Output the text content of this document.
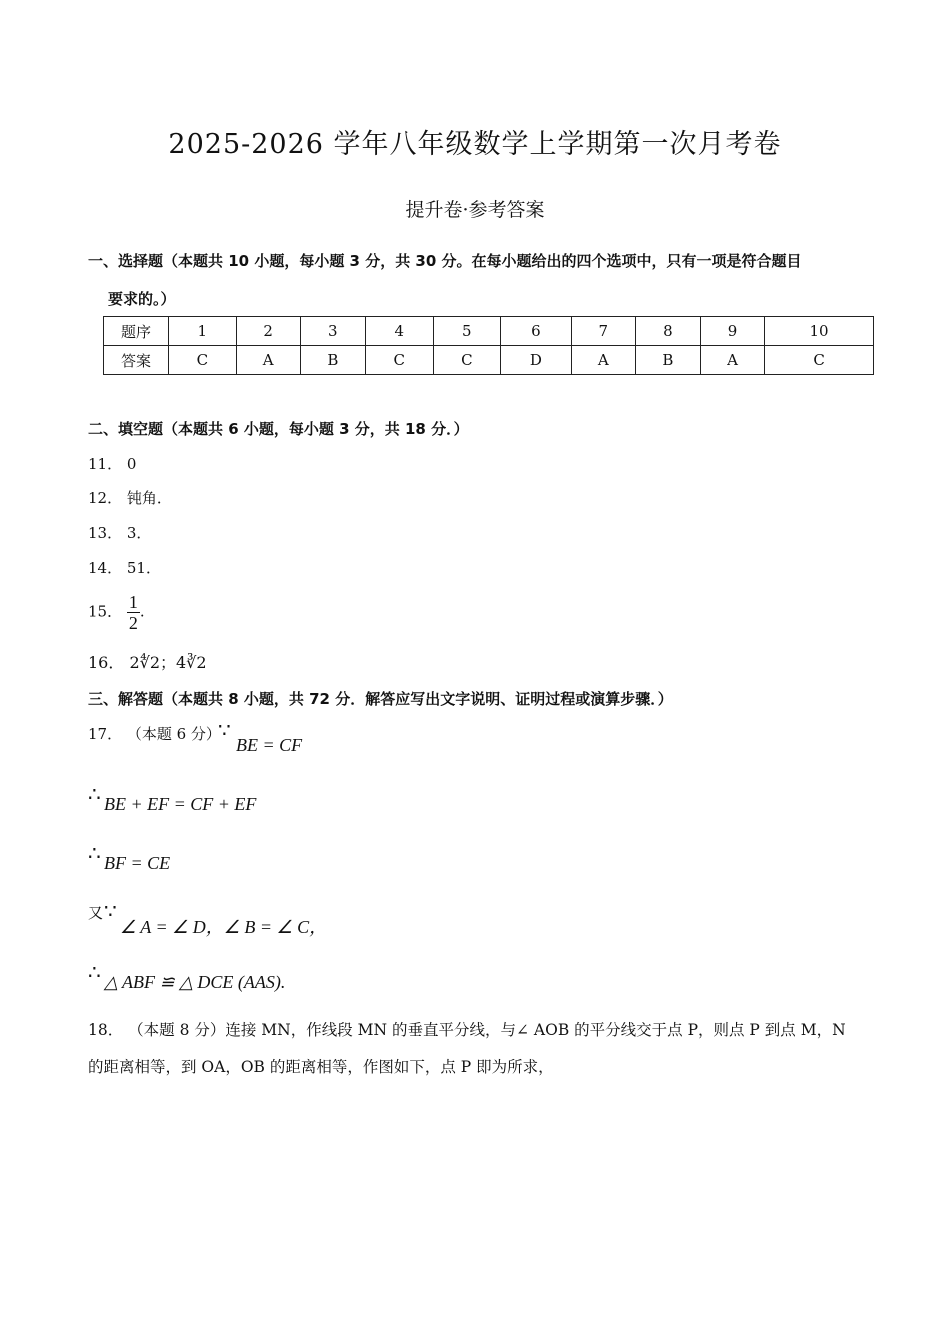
2025-2026 学年八年级数学上学期第一次月考卷
提升卷·参考答案
一、选择题（本题共 10 小题，每小题 3 分，共 30 分。在每小题给出的四个选项中，只有一项是符合题目
要求的。）
题序	1	2	3	4	5	6	7	8	9	10
答案	C	A	B	C	C	D	A	B	A	C
二、填空题（本题共 6 小题，每小题 3 分，共 18 分．）
11． 0
12． 钝角．
13． 3．
14． 51．
15． $\frac{1}{2}$ .
16． 2∜2；4∛2
三、解答题（本题共 8 小题，共 72 分．解答应写出文字说明、证明过程或演算步骤．）
17． （本题 6 分）
∵
BE = CF
∴ BE + EF = CF + EF
∴ BF = CE
又 ∵
∠ A = ∠ D，∠ B = ∠ C，
∴ △ ABF ≌ △ DCE (AAS).
18． （本题 8 分）连接 MN，作线段 MN 的垂直平分线，与∠ AOB 的平分线交于点 P，则点 P 到点 M，N
的距离相等，到 OA，OB 的距离相等，作图如下，点 P 即为所求，
